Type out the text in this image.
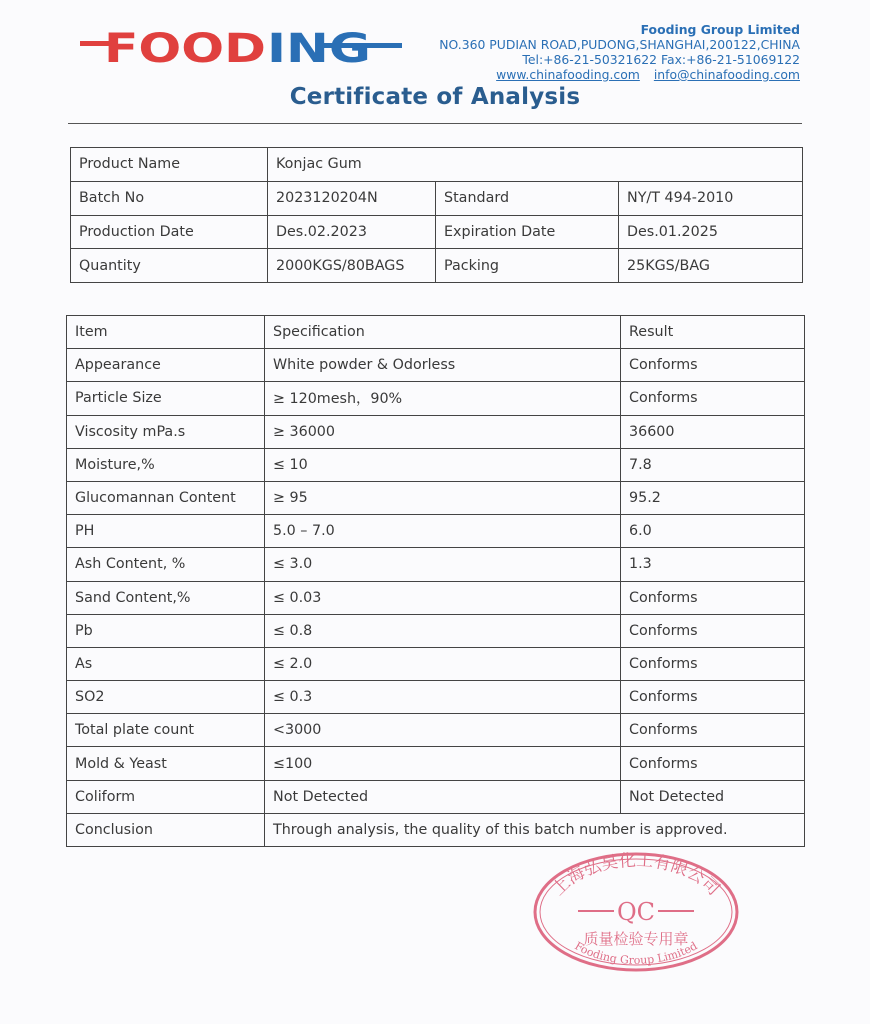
FOOD ING	Fooding Group Limited
NO.360 PUDIAN ROAD,PUDONG,SHANGHAI,200122,CHINA
Tel:+86-21-50321622 Fax:+86-21-51069122
www.chinafooding.com info@chinafooding.com
Certificate of Analysis
Product Name	Konjac Gum		
Batch No	2023120204N	Standard	NY/T 494-2010
Production Date	Des.02.2023	Expiration Date	Des.01.2025
Quantity	2000KGS/80BAGS	Packing	25KGS/BAG
Item	Specification	Result
Appearance	White powder & Odorless	Conforms
Particle Size	≥ 120mesh，90%	Conforms
Viscosity mPa.s	≥ 36000	36600
Moisture,%	≤ 10	7.8
Glucomannan Content	≥ 95	95.2
PH	5.0 – 7.0	6.0
Ash Content, %	≤ 3.0	1.3
Sand Content,%	≤ 0.03	Conforms
Pb	≤ 0.8	Conforms
As	≤ 2.0	Conforms
SO2	≤ 0.3	Conforms
Total plate count	<3000	Conforms
Mold & Yeast	≤100	Conforms
Coliform	Not Detected	Not Detected
Conclusion	Through analysis, the quality of this batch number is approved.	
上海弘昊化工有限公司
QC
质量检验专用章
Fooding Group Limited
